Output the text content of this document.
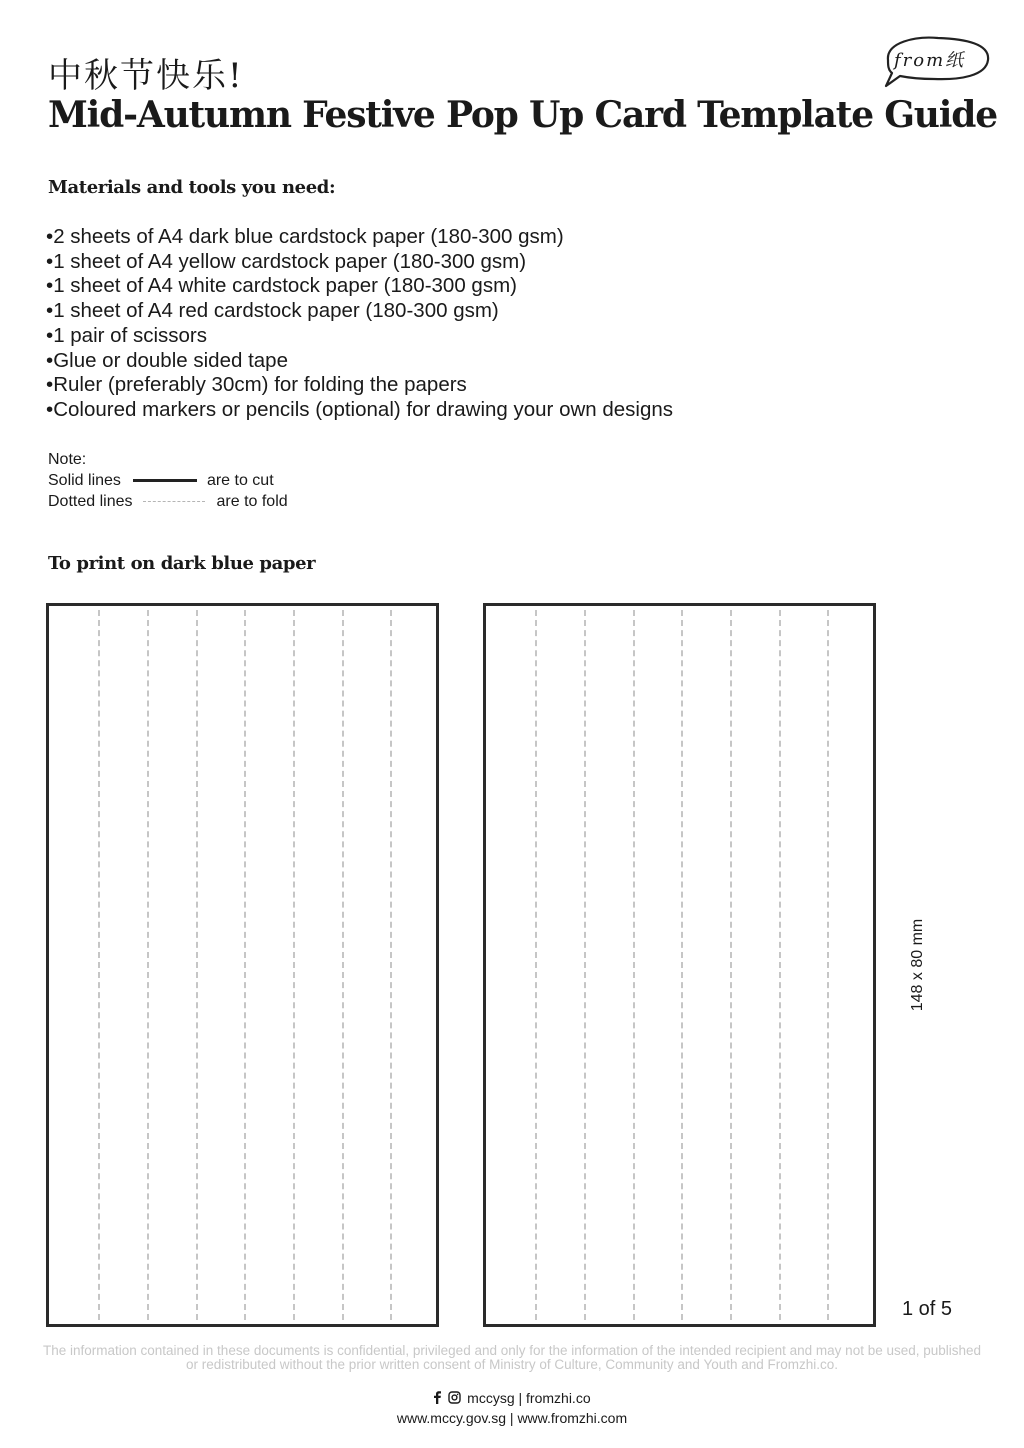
中秋节快乐!
Mid-Autumn Festive Pop Up Card Template Guide
from纸
Materials and tools you need:
• 2 sheets of A4 dark blue cardstock paper (180-300 gsm)
• 1 sheet of A4 yellow cardstock paper (180-300 gsm)
• 1 sheet of A4 white cardstock paper (180-300 gsm)
• 1 sheet of A4 red cardstock paper (180-300 gsm)
• 1 pair of scissors
• Glue or double sided tape
• Ruler (preferably 30cm) for folding the papers
• Coloured markers or pencils (optional) for drawing your own designs
Note:
Solid lines	are to cut
Dotted lines	are to fold
To print on dark blue paper
148 x 80 mm
1 of 5
The information contained in these documents is confidential, privileged and only for the information of the intended recipient and may not be used, published or redistributed without the prior written consent of Ministry of Culture, Community and Youth and Fromzhi.co.
mccysg | fromzhi.co
www.mccy.gov.sg | www.fromzhi.com
